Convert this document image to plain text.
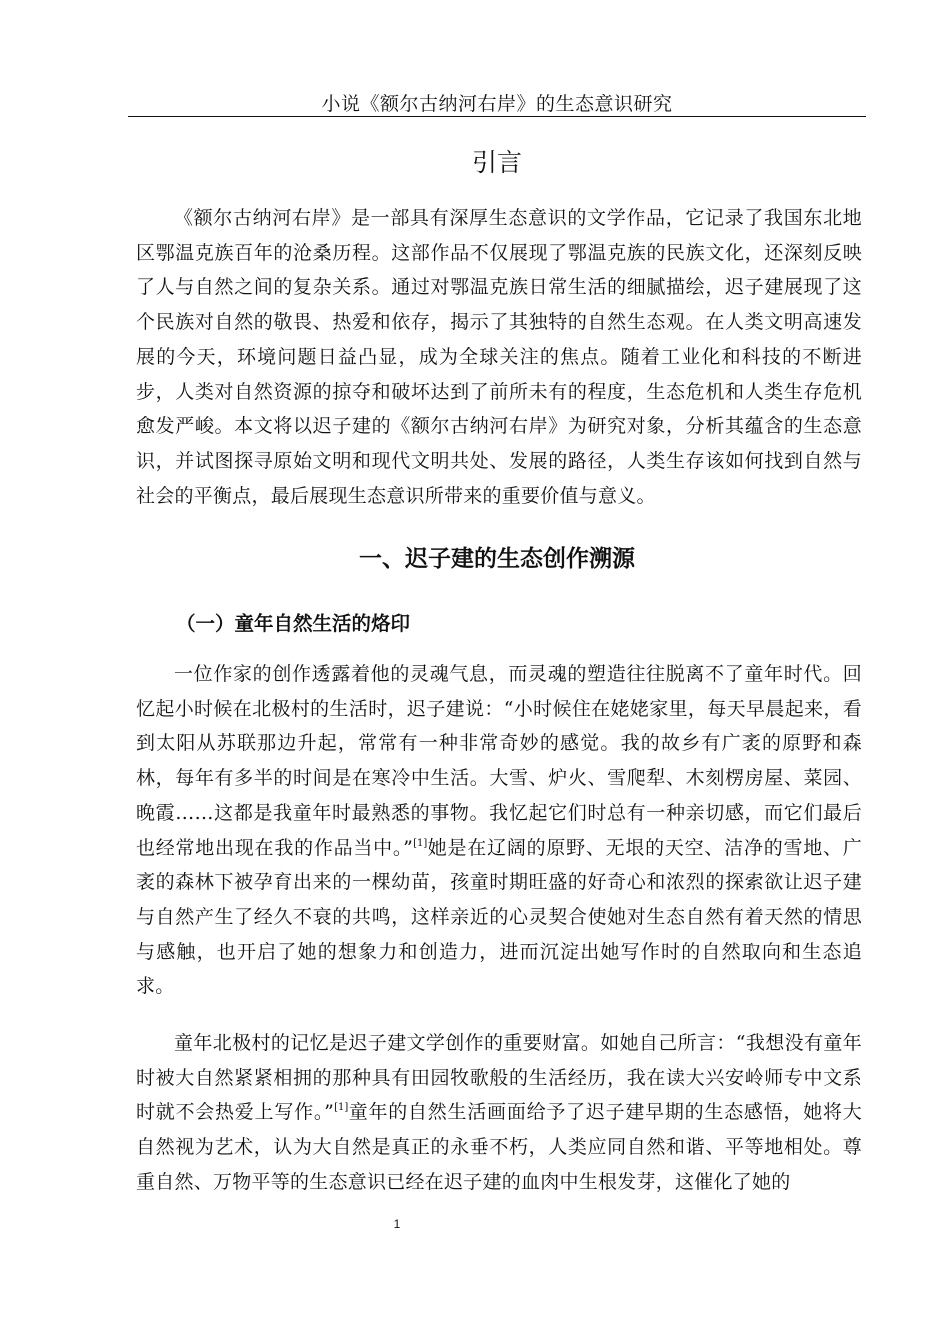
小说《额尔古纳河右岸》的生态意识研究
引言

《额尔古纳河右岸》是一部具有深厚生态意识的文学作品，它记录了我国东北地区鄂温克族百年的沧桑历程。这部作品不仅展现了鄂温克族的民族文化，还深刻反映了人与自然之间的复杂关系。通过对鄂温克族日常生活的细腻描绘，迟子建展现了这个民族对自然的敬畏、热爱和依存，揭示了其独特的自然生态观。在人类文明高速发展的今天，环境问题日益凸显，成为全球关注的焦点。随着工业化和科技的不断进步，人类对自然资源的掠夺和破坏达到了前所未有的程度，生态危机和人类生存危机愈发严峻。本文将以迟子建的《额尔古纳河右岸》为研究对象，分析其蕴含的生态意识，并试图探寻原始文明和现代文明共处、发展的路径，人类生存该如何找到自然与社会的平衡点，最后展现生态意识所带来的重要价值与意义。

一、迟子建的生态创作溯源
（一）童年自然生活的烙印

一位作家的创作透露着他的灵魂气息，而灵魂的塑造往往脱离不了童年时代。回忆起小时候在北极村的生活时，迟子建说：“小时候住在姥姥家里，每天早晨起来，看到太阳从苏联那边升起，常常有一种非常奇妙的感觉。我的故乡有广袤的原野和森林，每年有多半的时间是在寒冷中生活。大雪、炉火、雪爬犁、木刻楞房屋、菜园、晚霞……这都是我童年时最熟悉的事物。我忆起它们时总有一种亲切感，而它们最后也经常地出现在我的作品当中。”[1]她是在辽阔的原野、无垠的天空、洁净的雪地、广袤的森林下被孕育出来的一棵幼苗，孩童时期旺盛的好奇心和浓烈的探索欲让迟子建与自然产生了经久不衰的共鸣，这样亲近的心灵契合使她对生态自然有着天然的情思与感触，也开启了她的想象力和创造力，进而沉淀出她写作时的自然取向和生态追求。

童年北极村的记忆是迟子建文学创作的重要财富。如她自己所言：“我想没有童年时被大自然紧紧相拥的那种具有田园牧歌般的生活经历，我在读大兴安岭师专中文系时就不会热爱上写作。”[1]童年的自然生活画面给予了迟子建早期的生态感悟，她将大自然视为艺术，认为大自然是真正的永垂不朽，人类应同自然和谐、平等地相处。尊重自然、万物平等的生态意识已经在迟子建的血肉中生根发芽，这催化了她的

1
